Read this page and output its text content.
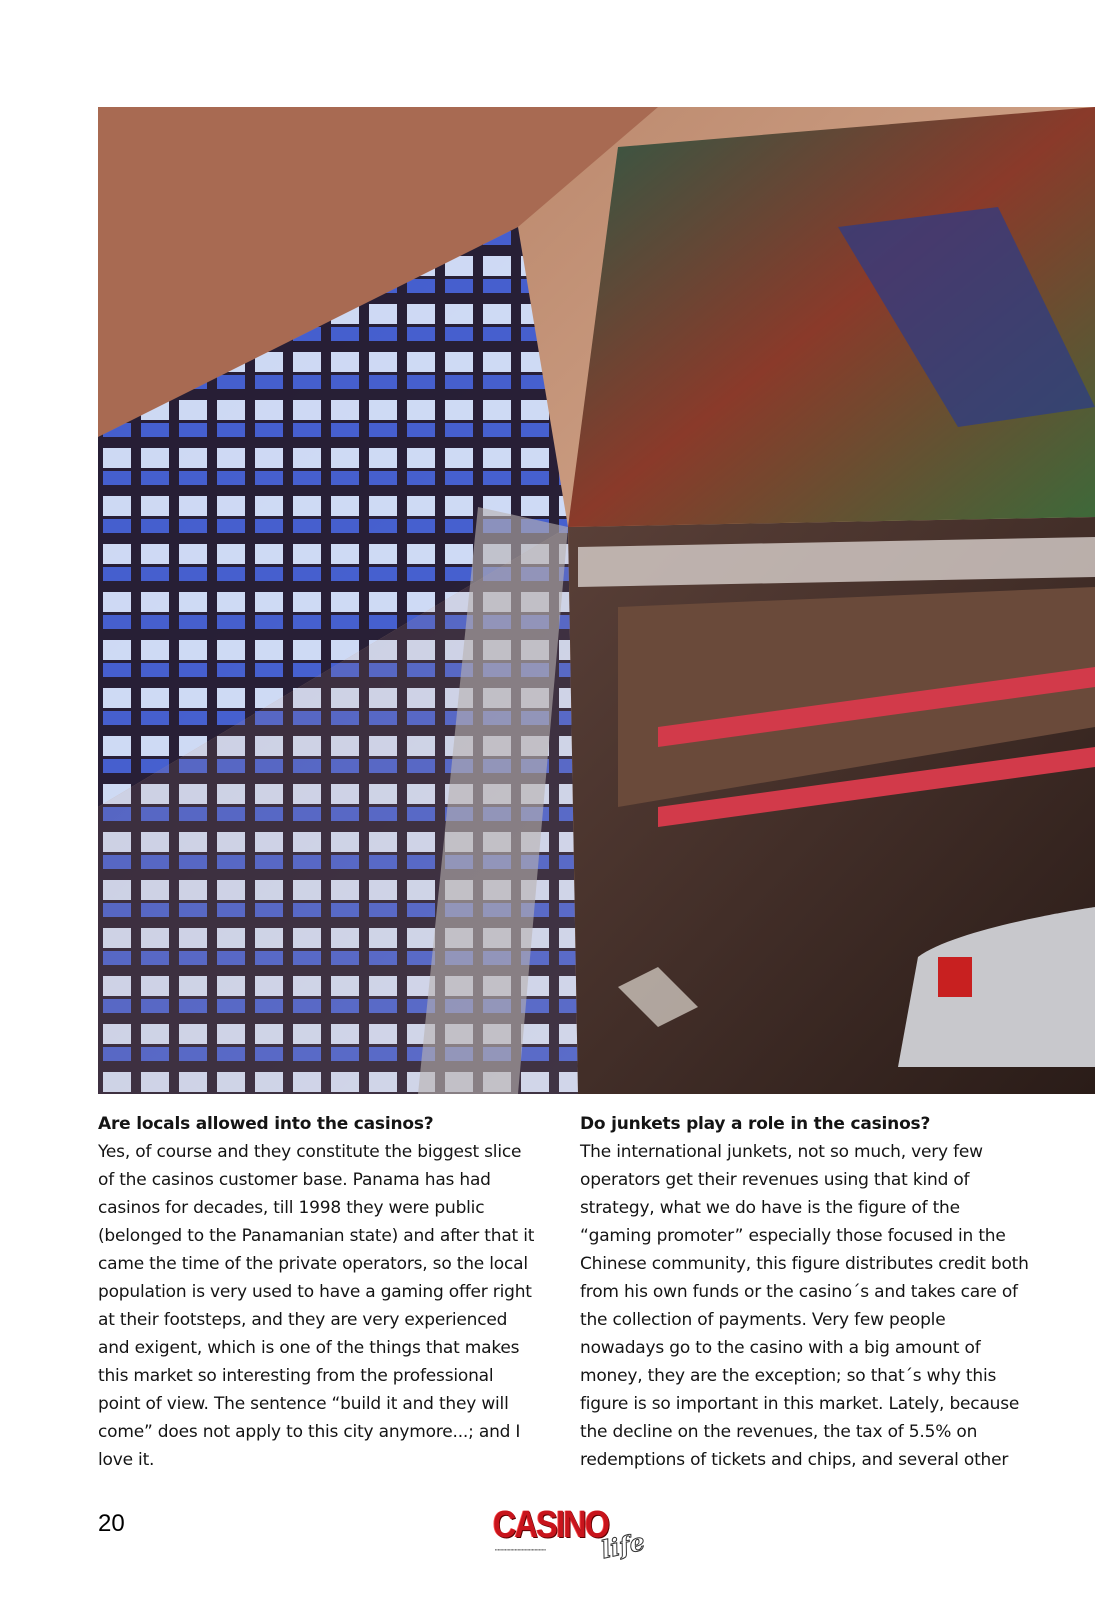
Are locals allowed into the casinos?

Yes, of course and they constitute the biggest slice of the casinos customer base. Panama has had casinos for decades, till 1998 they were public (belonged to the Panamanian state) and after that it came the time of the private operators, so the local population is very used to have a gaming offer right at their footsteps, and they are very experienced and exigent, which is one of the things that makes this market so interesting from the professional point of view. The sentence “build it and they will come” does not apply to this city anymore...; and I love it.

Do junkets play a role in the casinos?

The international junkets, not so much, very few operators get their revenues using that kind of strategy, what we do have is the figure of the “gaming promoter” especially those focused in the Chinese community, this figure distributes credit both from his own funds or the casino´s and takes care of the collection of payments. Very few people nowadays go to the casino with a big amount of money, they are the exception; so that´s why this figure is so important in this market. Lately, because the decline on the revenues, the tax of 5.5% on redemptions of tickets and chips, and several other

20	CASINO
life
▪▪▪▪▪▪▪▪▪▪▪▪▪▪▪▪▪▪▪▪▪▪▪▪▪▪▪▪▪▪▪▪▪▪▪▪
